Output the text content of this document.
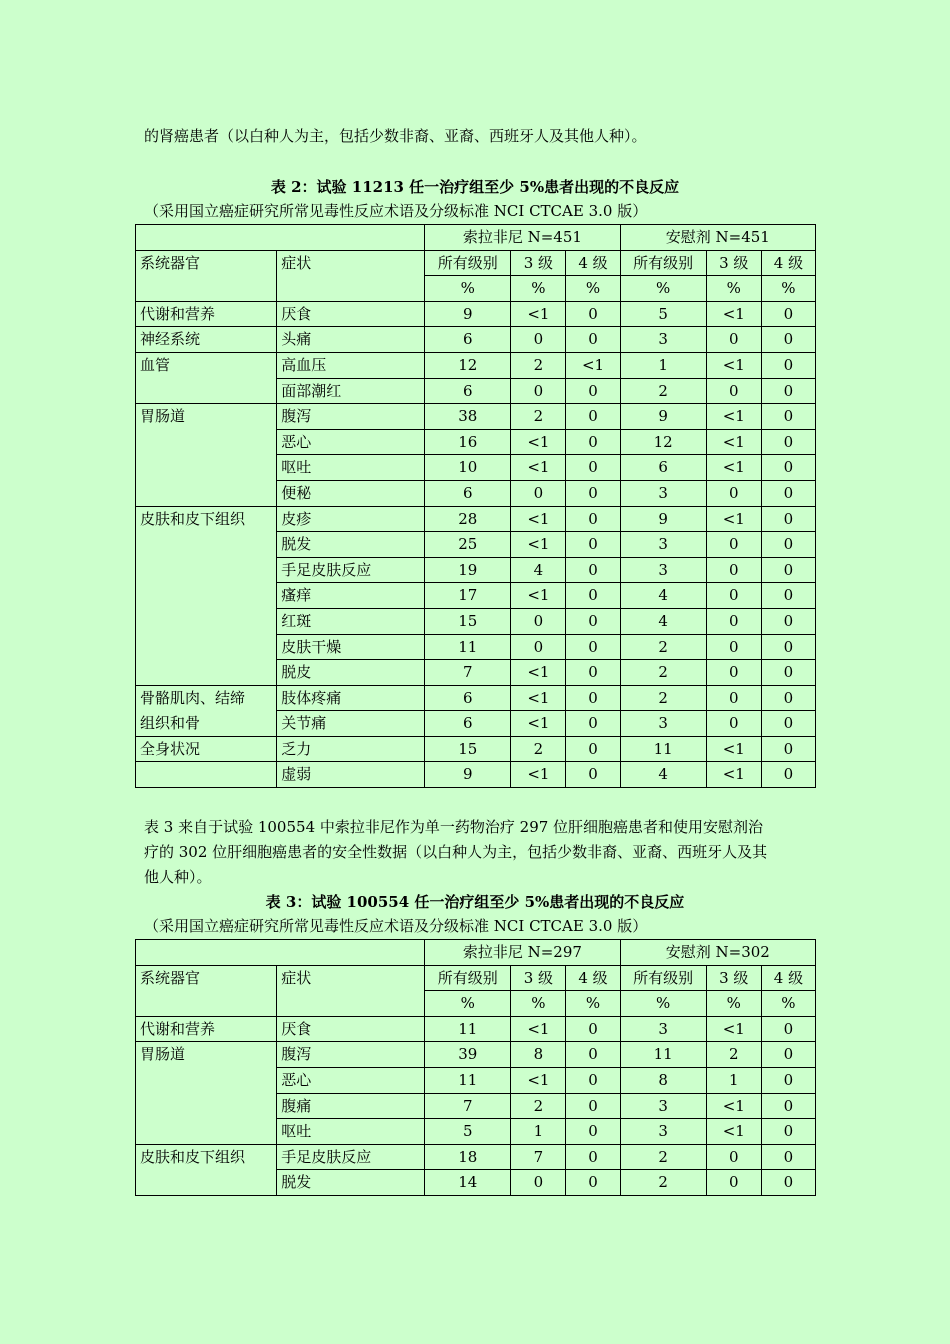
的肾癌患者（以白种人为主，包括少数非裔、亚裔、西班牙人及其他人种）。
表 2：试验 11213 任一治疗组至少 5%患者出现的不良反应
（采用国立癌症研究所常见毒性反应术语及分级标准 NCI CTCAE 3.0 版）
		索拉非尼 N=451			安慰剂 N=451		
系统器官	症状	所有级别	3 级	4 级	所有级别	3 级	4 级
		%	%	%	%	%	%
代谢和营养	厌食	9	<1	0	5	<1	0
神经系统	头痛	6	0	0	3	0	0
血管	高血压	12	2	<1	1	<1	0
	面部潮红	6	0	0	2	0	0
胃肠道	腹泻	38	2	0	9	<1	0
	恶心	16	<1	0	12	<1	0
	呕吐	10	<1	0	6	<1	0
	便秘	6	0	0	3	0	0
皮肤和皮下组织	皮疹	28	<1	0	9	<1	0
	脱发	25	<1	0	3	0	0
	手足皮肤反应	19	4	0	3	0	0
	瘙痒	17	<1	0	4	0	0
	红斑	15	0	0	4	0	0
	皮肤干燥	11	0	0	2	0	0
	脱皮	7	<1	0	2	0	0
骨骼肌肉、结缔	肢体疼痛	6	<1	0	2	0	0
组织和骨	关节痛	6	<1	0	3	0	0
全身状况	乏力	15	2	0	11	<1	0
	虚弱	9	<1	0	4	<1	0
表 3 来自于试验 100554 中索拉非尼作为单一药物治疗 297 位肝细胞癌患者和使用安慰剂治
疗的 302 位肝细胞癌患者的安全性数据（以白种人为主，包括少数非裔、亚裔、西班牙人及其
他人种）。
表 3：试验 100554 任一治疗组至少 5%患者出现的不良反应
（采用国立癌症研究所常见毒性反应术语及分级标准 NCI CTCAE 3.0 版）
		索拉非尼 N=297			安慰剂 N=302		
系统器官	症状	所有级别	3 级	4 级	所有级别	3 级	4 级
		%	%	%	%	%	%
代谢和营养	厌食	11	<1	0	3	<1	0
胃肠道	腹泻	39	8	0	11	2	0
	恶心	11	<1	0	8	1	0
	腹痛	7	2	0	3	<1	0
	呕吐	5	1	0	3	<1	0
皮肤和皮下组织	手足皮肤反应	18	7	0	2	0	0
	脱发	14	0	0	2	0	0
